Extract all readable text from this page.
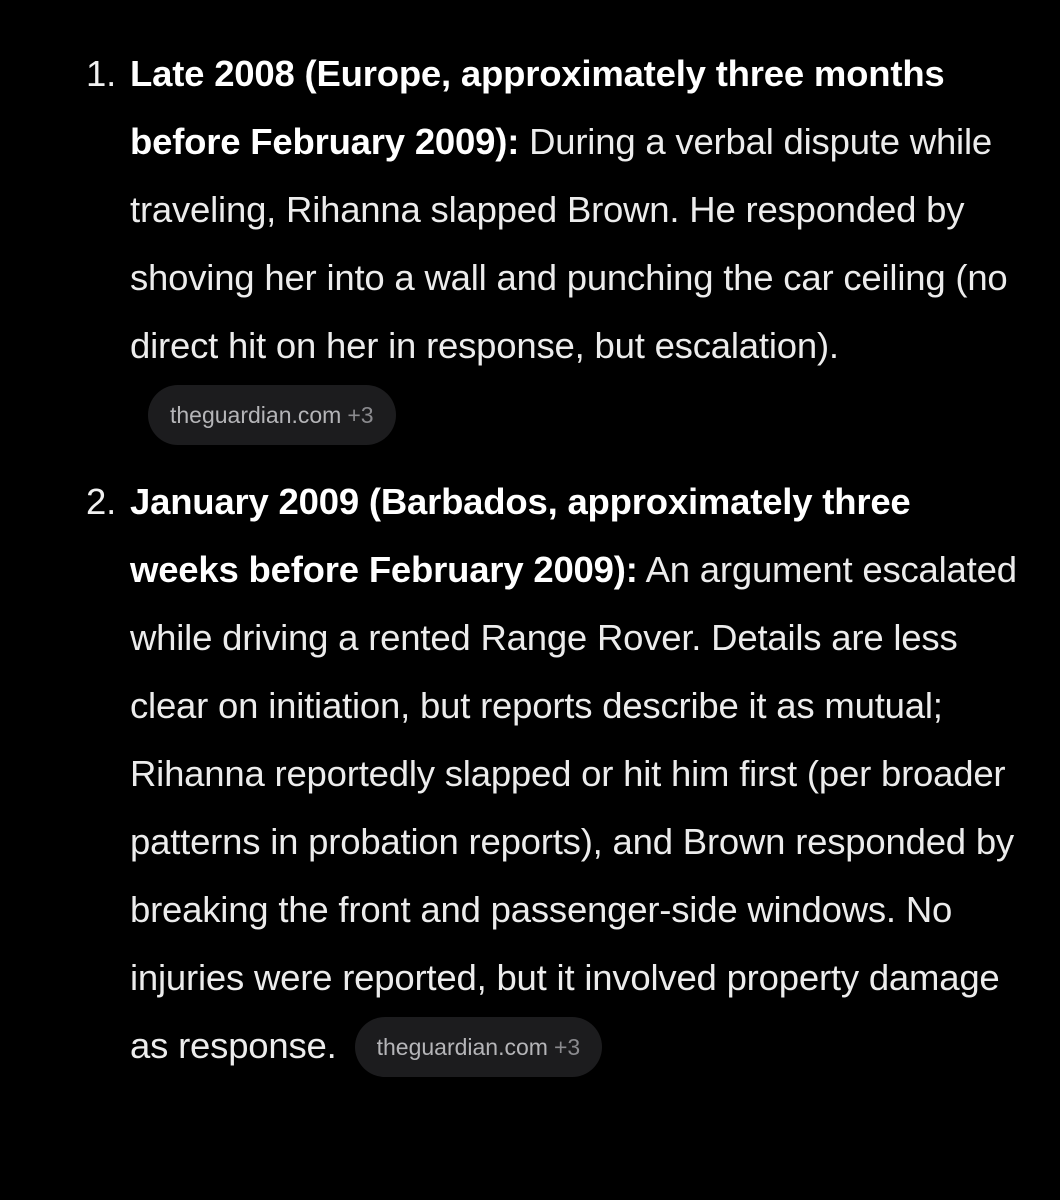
1. Late 2008 (Europe, approximately three months before February 2009): During a verbal dispute while traveling, Rihanna slapped Brown. He responded by shoving her into a wall and punching the car ceiling (no direct hit on her in response, but escalation).theguardian.com +3
2. January 2009 (Barbados, approximately three weeks before February 2009): An argument escalated while driving a rented Range Rover. Details are less clear on initiation, but reports describe it as mutual; Rihanna reportedly slapped or hit him first (per broader patterns in probation reports), and Brown responded by breaking the front and passenger-side windows. No injuries were reported, but it involved property damage as response. theguardian.com +3
